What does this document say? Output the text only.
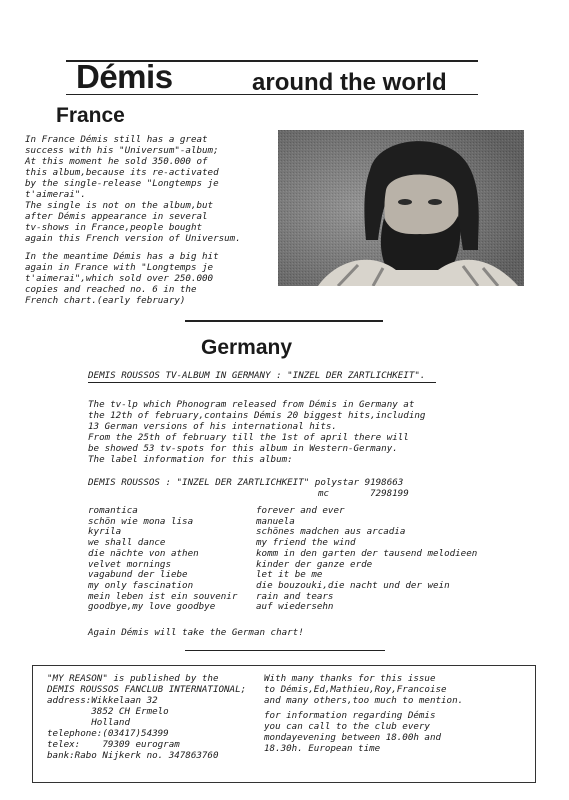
Démis	around the world
France
In France Démis still has a great
success with his "Universum"-album;
At this moment he sold 350.000 of
this album,because its re-activated
by the single-release "Longtemps je
t'aimerai".
The single is not on the album,but
after Démis appearance in several
tv-shows in France,people bought
again this French version of Universum.
In the meantime Démis has a big hit
again in France with "Longtemps je
t'aimerai",which sold over 250.000
copies and reached no. 6 in the
French chart.(early february)
Germany
DEMIS ROUSSOS TV-ALBUM IN GERMANY : "INZEL DER ZARTLICHKEIT".
The tv-lp which Phonogram released from Démis in Germany at
the 12th of february,contains Démis 20 biggest hits,including
13 German versions of his international hits.
From the 25th of february till the 1st of april there will
be showed 53 tv-spots for this album in Western-Germany.
The label information for this album:
DEMIS ROUSSOS : "INZEL DER ZARTLICHKEIT" polystar 9198663
mc	7298199
romantica
schön wie mona lisa
kyrila
we shall dance
die nächte von athen
velvet mornings
vagabund der liebe
my only fascination
mein leben ist ein souvenir
goodbye,my love goodbye
forever and ever
manuela
schönes madchen aus arcadia
my friend the wind
komm in den garten der tausend melodieen
kinder der ganze erde
let it be me
die bouzouki,die nacht und der wein
rain and tears
auf wiedersehn
Again Démis will take the German chart!
"MY REASON" is published by the
DEMIS ROUSSOS FANCLUB INTERNATIONAL;
address:Wikkelaan 32
3852 CH Ermelo
Holland
telephone:(03417)54399
telex:    79309 eurogram
bank:Rabo Nijkerk no. 347863760
With many thanks for this issue
to Démis,Ed,Mathieu,Roy,Francoise
and many others,too much to mention.
for information regarding Démis
you can call to the club every
mondayevening between 18.00h and
18.30h. European time
